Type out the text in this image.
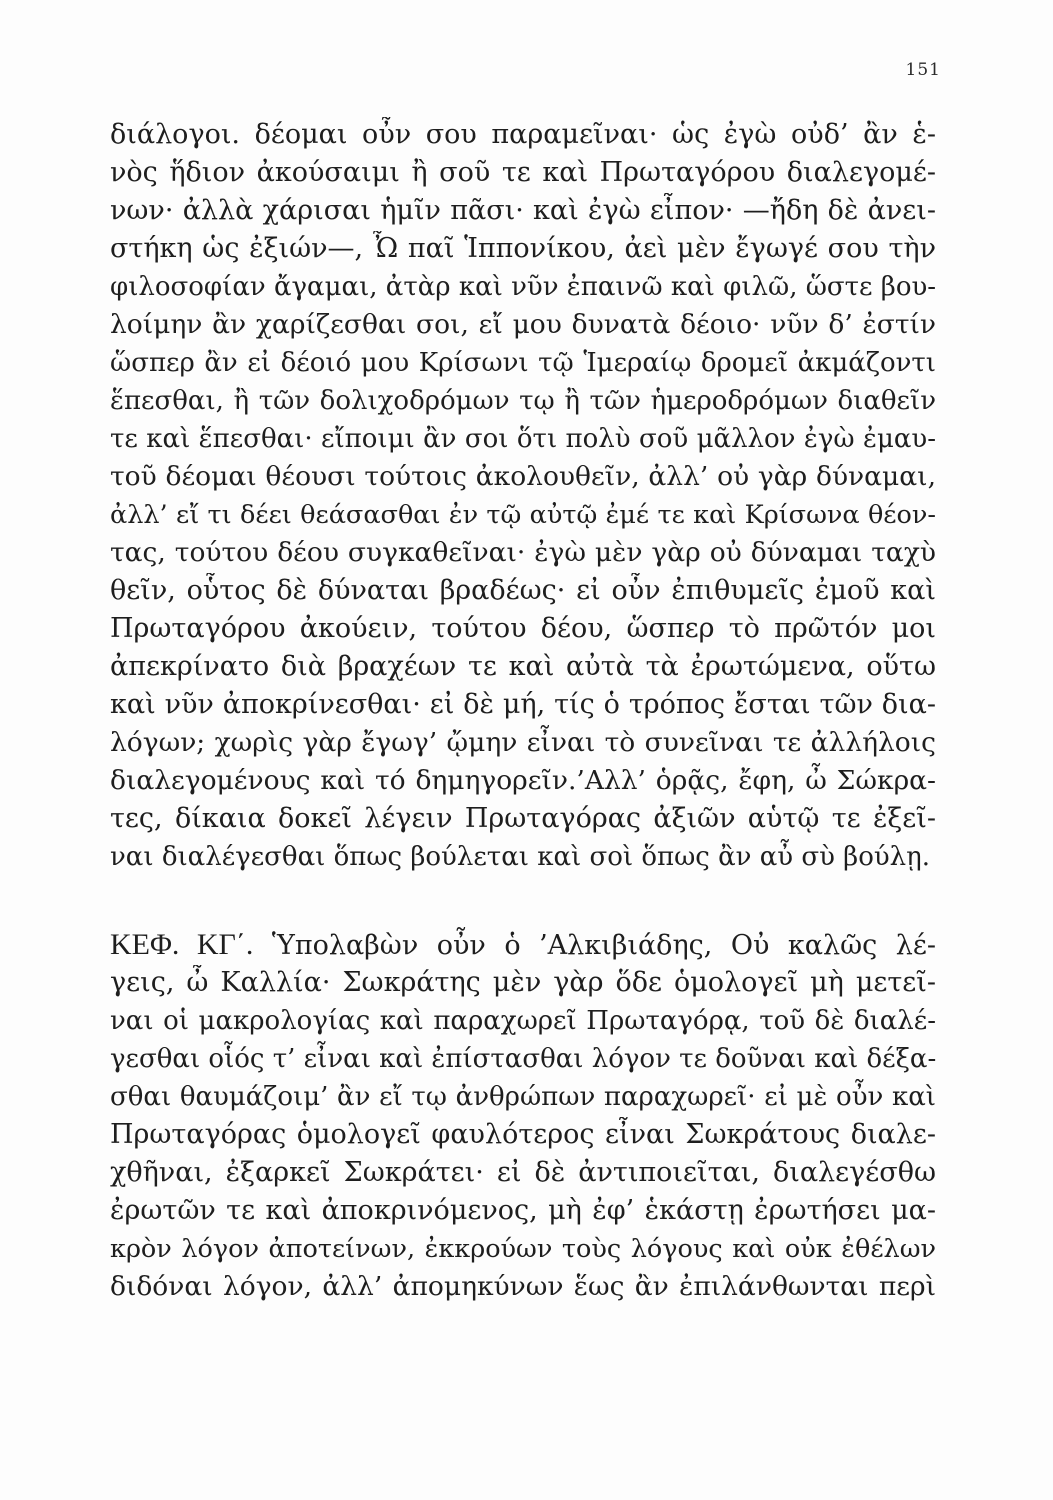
151
διάλογοι. δέομαι οὖν σου παραμεῖναι· ὡς ἐγὼ οὐδ’ ἂν ἑ-
νὸς ἥδιον ἀκούσαιμι ἢ σοῦ τε καὶ Πρωταγόρου διαλεγομέ-
νων· ἀλλὰ χάρισαι ἡμῖν πᾶσι· καὶ ἐγὼ εἶπον· —ἤδη δὲ ἀνει-
στήκη ὡς ἐξιών—, Ὦ παῖ Ἱππονίκου, ἀεὶ μὲν ἔγωγέ σου τὴν
φιλοσοφίαν ἄγαμαι, ἀτὰρ καὶ νῦν ἐπαινῶ καὶ φιλῶ, ὥστε βου-
λοίμην ἂν χαρίζεσθαι σοι, εἴ μου δυνατὰ δέοιο· νῦν δ’ ἐστίν
ὥσπερ ἂν εἰ δέοιό μου Κρίσωνι τῷ Ἱμεραίῳ δρομεῖ ἀκμάζοντι
ἕπεσθαι, ἢ τῶν δολιχοδρόμων τῳ ἢ τῶν ἡμεροδρόμων διαθεῖν
τε καὶ ἕπεσθαι· εἴποιμι ἂν σοι ὅτι πολὺ σοῦ μᾶλλον ἐγὼ ἐμαυ-
τοῦ δέομαι θέουσι τούτοις ἀκολουθεῖν, ἀλλ’ οὐ γὰρ δύναμαι,
ἀλλ’ εἴ τι δέει θεάσασθαι ἐν τῷ αὐτῷ ἐμέ τε καὶ Κρίσωνα θέον-
τας, τούτου δέου συγκαθεῖναι· ἐγὼ μὲν γὰρ οὐ δύναμαι ταχὺ
θεῖν, οὗτος δὲ δύναται βραδέως· εἰ οὖν ἐπιθυμεῖς ἐμοῦ καὶ
Πρωταγόρου ἀκούειν, τούτου δέου, ὥσπερ τὸ πρῶτόν μοι
ἀπεκρίνατο διὰ βραχέων τε καὶ αὐτὰ τὰ ἐρωτώμενα, οὕτω
καὶ νῦν ἀποκρίνεσθαι· εἰ δὲ μή, τίς ὁ τρόπος ἔσται τῶν δια-
λόγων; χωρὶς γὰρ ἔγωγ’ ᾤμην εἶναι τὸ συνεῖναι τε ἀλλήλοις
διαλεγομένους καὶ τό δημηγορεῖν.’Αλλ’ ὁρᾷς, ἔφη, ὦ Σώκρα-
τες, δίκαια δοκεῖ λέγειν Πρωταγόρας ἀξιῶν αὑτῷ τε ἐξεῖ-
ναι διαλέγεσθαι ὅπως βούλεται καὶ σοὶ ὅπως ἂν αὖ σὺ βούλῃ.
ΚΕΦ. ΚΓ΄. Ὑπολαβὼν οὖν ὁ ’Αλκιβιάδης, Οὐ καλῶς λέ-
γεις, ὦ Καλλία· Σωκράτης μὲν γὰρ ὅδε ὁμολογεῖ μὴ μετεῖ-
ναι οἱ μακρολογίας καὶ παραχωρεῖ Πρωταγόρᾳ, τοῦ δὲ διαλέ-
γεσθαι οἷός τ’ εἶναι καὶ ἐπίστασθαι λόγον τε δοῦναι καὶ δέξα-
σθαι θαυμάζοιμ’ ἂν εἴ τῳ ἀνθρώπων παραχωρεῖ· εἰ μὲ οὖν καὶ
Πρωταγόρας ὁμολογεῖ φαυλότερος εἶναι Σωκράτους διαλε-
χθῆναι, ἐξαρκεῖ Σωκράτει· εἰ δὲ ἀντιποιεῖται, διαλεγέσθω
ἐρωτῶν τε καὶ ἀποκρινόμενος, μὴ ἐφ’ ἑκάστῃ ἐρωτήσει μα-
κρὸν λόγον ἀποτείνων, ἐκκρούων τοὺς λόγους καὶ οὐκ ἐθέλων
διδόναι λόγον, ἀλλ’ ἀπομηκύνων ἕως ἂν ἐπιλάνθωνται περὶ
